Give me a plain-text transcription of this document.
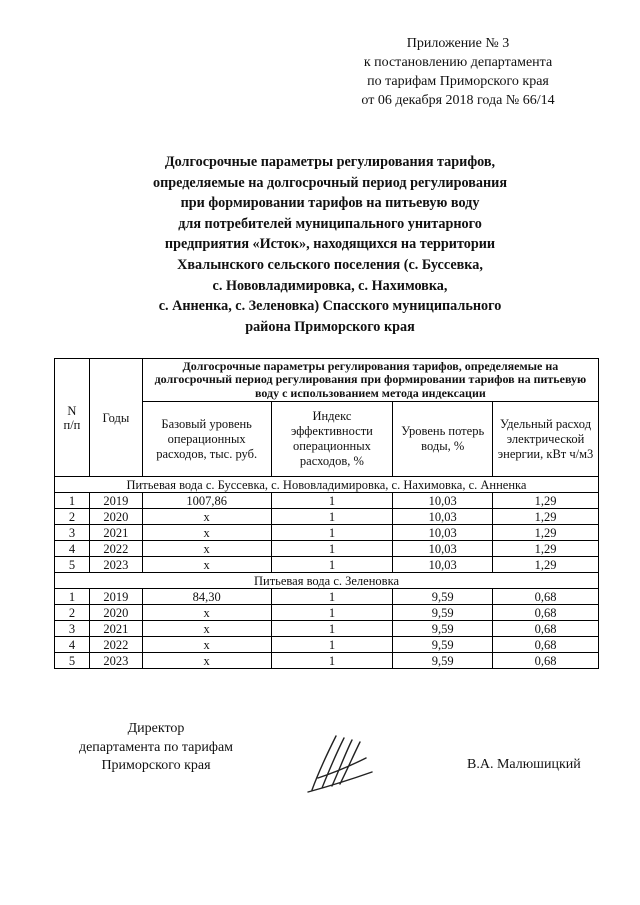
Приложение № 3
к постановлению департамента
по тарифам Приморского края
от 06 декабря 2018 года № 66/14
Долгосрочные параметры регулирования тарифов,
определяемые на долгосрочный период регулирования
при формировании тарифов на питьевую воду
для потребителей муниципального унитарного
предприятия «Исток», находящихся на территории
Хвалынского сельского поселения (с. Буссевка,
с. Нововладимировка, с. Нахимовка,
с. Анненка, с. Зеленовка) Спасского муниципального
района Приморского края
N
п/п	Годы	Долгосрочные параметры регулирования тарифов, определяемые на долгосрочный период регулирования при формировании тарифов на питьевую воду с использованием метода индексации			
		Базовый уровень операционных расходов, тыс. руб.	Индекс эффективности операционных расходов, %	Уровень потерь воды, %	Удельный расход электрической энергии, кВт ч/м3
Питьевая вода с. Буссевка, с. Нововладимировка, с. Нахимовка, с. Анненка					
1	2019	1007,86	1	10,03	1,29
2	2020	х	1	10,03	1,29
3	2021	х	1	10,03	1,29
4	2022	х	1	10,03	1,29
5	2023	х	1	10,03	1,29
Питьевая вода с. Зеленовка					
1	2019	84,30	1	9,59	0,68
2	2020	х	1	9,59	0,68
3	2021	х	1	9,59	0,68
4	2022	х	1	9,59	0,68
5	2023	х	1	9,59	0,68
Директор
департамента по тарифам
Приморского края	В.А. Малюшицкий
